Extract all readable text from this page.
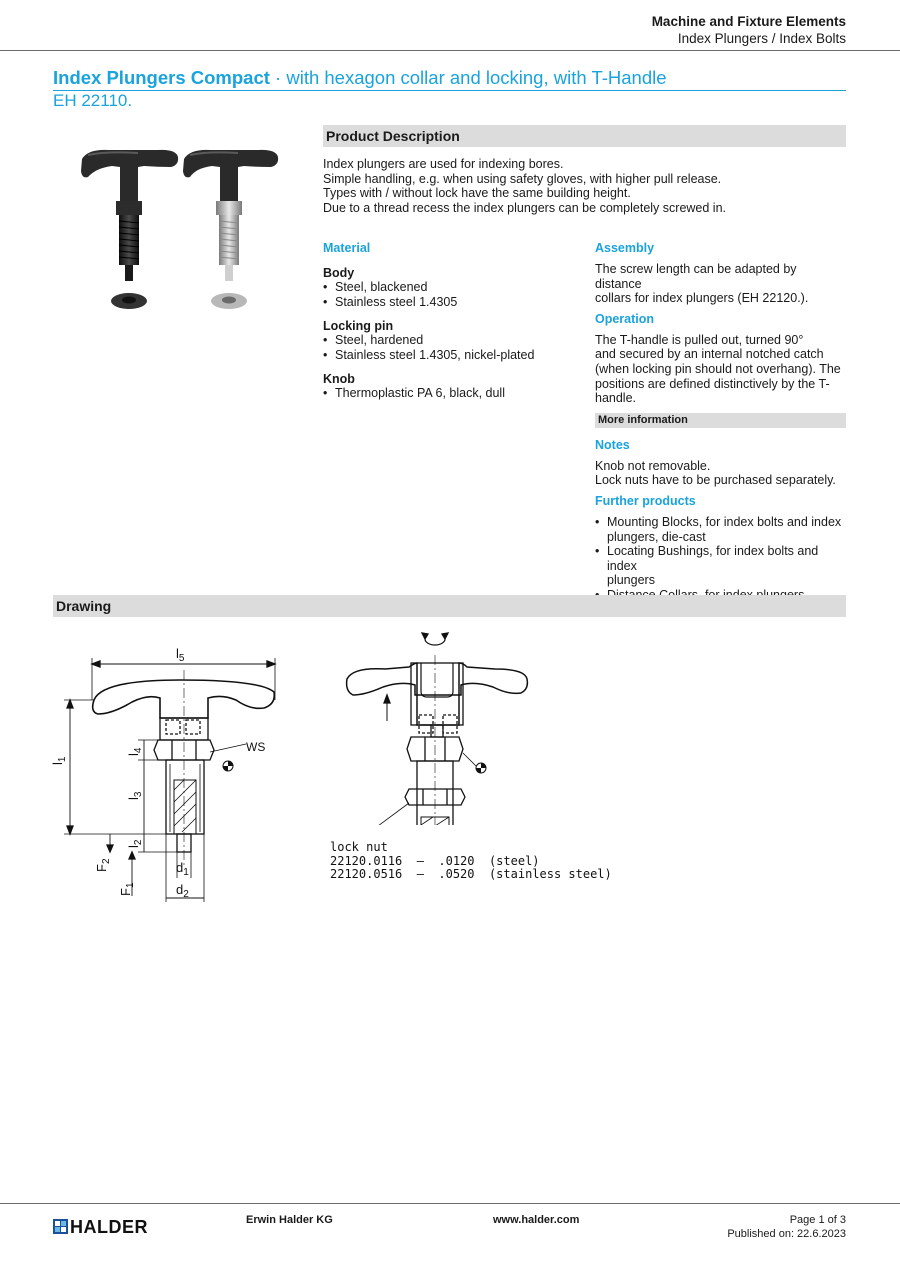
Machine and Fixture Elements
Index Plungers / Index Bolts
Index Plungers Compact · with hexagon collar and locking, with T-Handle
EH 22110.
Product Description
Index plungers are used for indexing bores.
Simple handling, e.g. when using safety gloves, with higher pull release.
Types with / without lock have the same building height.
Due to a thread recess the index plungers can be completely screwed in.
Material
Body
• Steel, blackened
• Stainless steel 1.4305
Locking pin
• Steel, hardened
• Stainless steel 1.4305, nickel-plated
Knob
• Thermoplastic PA 6, black, dull
Assembly
The screw length can be adapted by distance
collars for index plungers (EH 22120.).
Operation
The T-handle is pulled out, turned 90°
and secured by an internal notched catch
(when locking pin should not overhang). The
positions are defined distinctively by the T-
handle.
More information
Notes
Knob not removable.
Lock nuts have to be purchased separately.
Further products
• Mounting Blocks, for index bolts and index
plungers, die-cast
• Locating Bushings, for index bolts and index
plungers
•
Drawing
$l_5$
$l_1$
$l_4$
$l_3$
$l_2$
$F_2$
$F_1$
$d_1$
$d_2$
WS
lock nut
22120.0116  –  .0120  (steel)
22120.0516  –  .0520  (stainless steel)
HALDER	Erwin Halder KG	www.halder.com	Page 1 of 3
Published on: 22.6.2023
